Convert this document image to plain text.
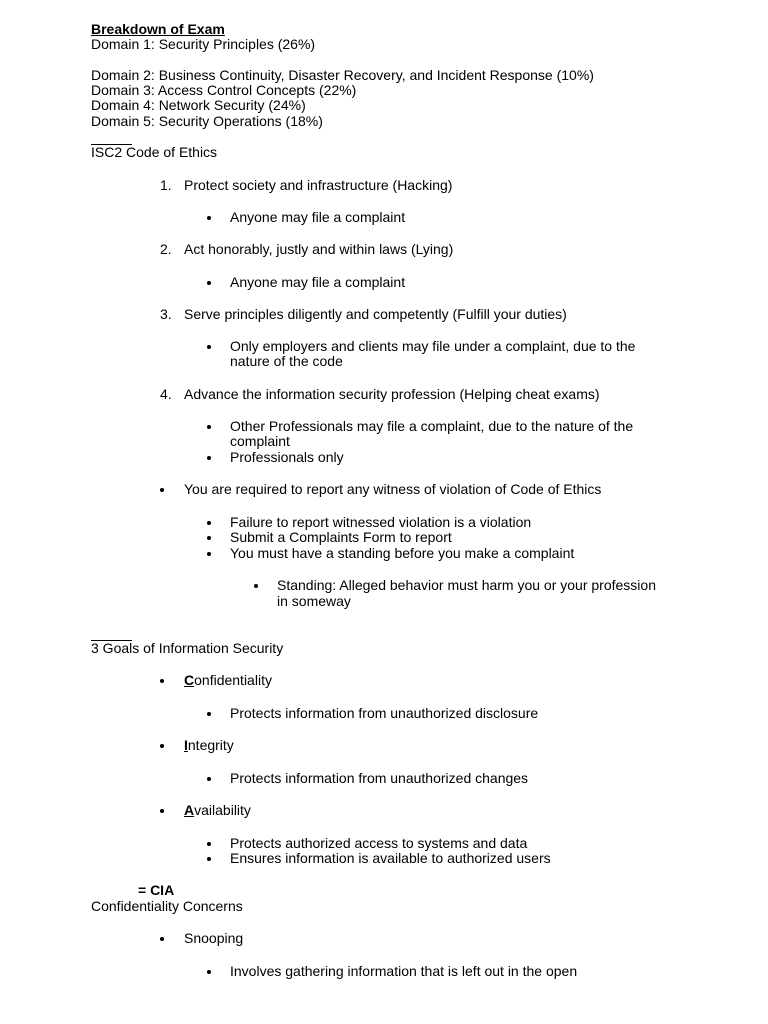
Breakdown of Exam
Domain 1: Security Principles (26%)
Domain 2: Business Continuity, Disaster Recovery, and Incident Response (10%)
Domain 3: Access Control Concepts (22%)
Domain 4: Network Security (24%)
Domain 5: Security Operations (18%)
ISC2 Code of Ethics
1. Protect society and infrastructure (Hacking)
Anyone may file a complaint
2. Act honorably, justly and within laws (Lying)
Anyone may file a complaint
3. Serve principles diligently and competently (Fulfill your duties)
Only employers and clients may file under a complaint, due to the
nature of the code
4. Advance the information security profession (Helping cheat exams)
Other Professionals may file a complaint, due to the nature of the
complaint
Professionals only
You are required to report any witness of violation of Code of Ethics
Failure to report witnessed violation is a violation
Submit a Complaints Form to report
You must have a standing before you make a complaint
Standing: Alleged behavior must harm you or your profession
in someway
3 Goals of Information Security
Confidentiality
Protects information from unauthorized disclosure
Integrity
Protects information from unauthorized changes
Availability
Protects authorized access to systems and data
Ensures information is available to authorized users
= CIA
Confidentiality Concerns
Snooping
Involves gathering information that is left out in the open
